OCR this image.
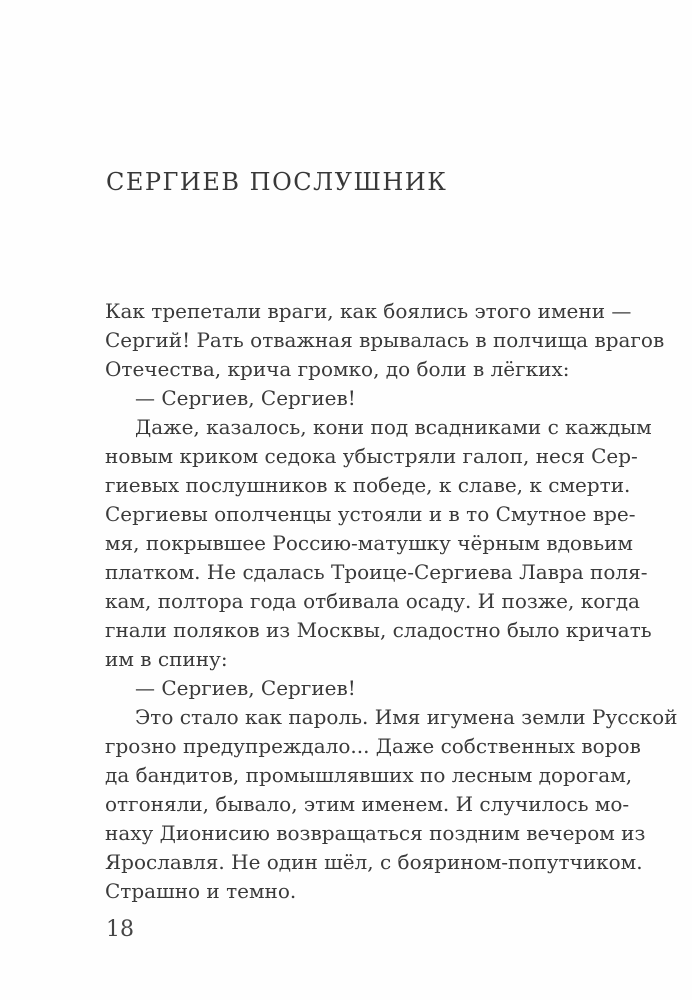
СЕРГИЕВ ПОСЛУШНИК
Как трепетали враги, как боялись этого имени —
Сергий! Рать отважная врывалась в полчища врагов
Отечества, крича громко, до боли в лёгких:
— Сергиев, Сергиев!
Даже, казалось, кони под всадниками с каждым
новым криком седока убыстряли галоп, неся Сер-
гиевых послушников к победе, к славе, к смерти.
Сергиевы ополченцы устояли и в то Смутное вре-
мя, покрывшее Россию-матушку чёрным вдовьим
платком. Не сдалась Троице-Сергиева Лавра поля-
кам, полтора года отбивала осаду. И позже, когда
гнали поляков из Москвы, сладостно было кричать
им в спину:
— Сергиев, Сергиев!
Это стало как пароль. Имя игумена земли Русской
грозно предупреждало... Даже собственных воров
да бандитов, промышлявших по лесным дорогам,
отгоняли, бывало, этим именем. И случилось мо-
наху Дионисию возвращаться поздним вечером из
Ярославля. Не один шёл, с боярином-попутчиком.
Страшно и темно.
18
